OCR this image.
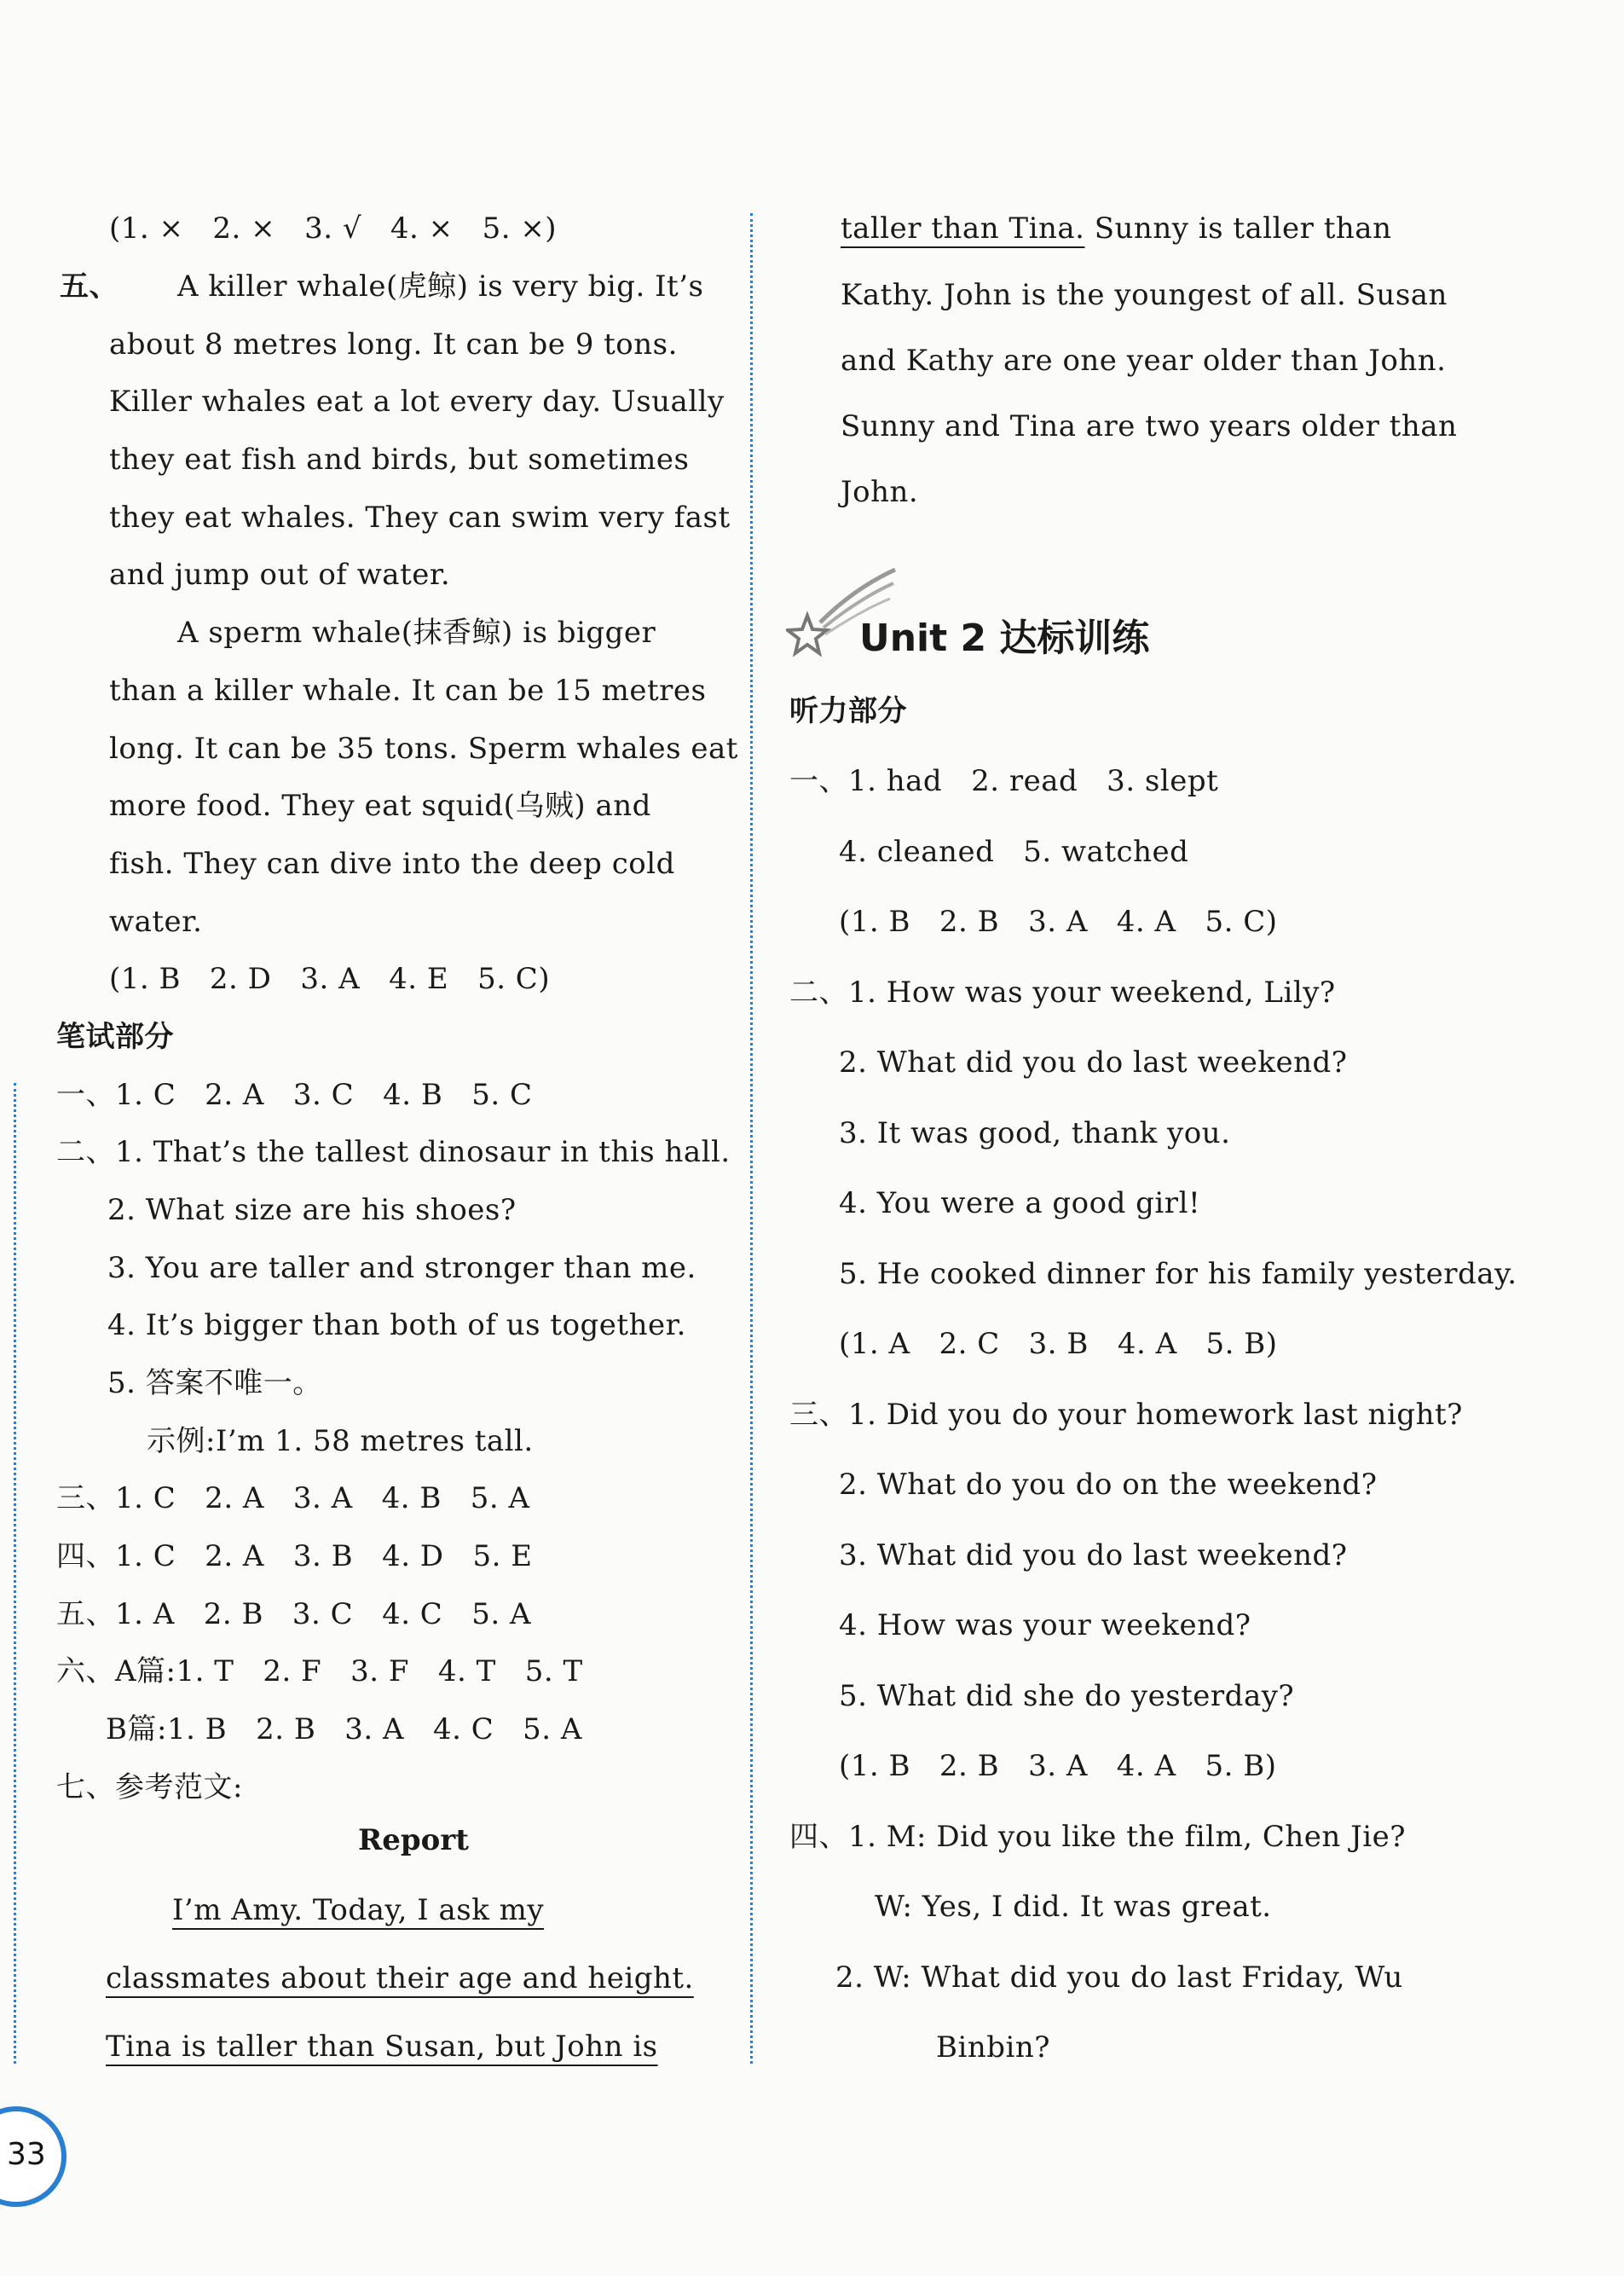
(1. ×   2. ×   3. √   4. ×   5. ×)
五、 A killer whale(虎鲸) is very big. It’s
about 8 metres long. It can be 9 tons.
Killer whales eat a lot every day. Usually
they eat fish and birds, but sometimes
they eat whales. They can swim very fast
and jump out of water.
A sperm whale(抹香鲸) is bigger
than a killer whale. It can be 15 metres
long. It can be 35 tons. Sperm whales eat
more food. They eat squid(乌贼) and
fish. They can dive into the deep cold
water.
(1. B   2. D   3. A   4. E   5. C)
笔试部分
一、1. C   2. A   3. C   4. B   5. C
二、1. That’s the tallest dinosaur in this hall.
2. What size are his shoes?
3. You are taller and stronger than me.
4. It’s bigger than both of us together.
5. 答案不唯一。
示例:I’m 1. 58 metres tall.
三、1. C   2. A   3. A   4. B   5. A
四、1. C   2. A   3. B   4. D   5. E
五、1. A   2. B   3. C   4. C   5. A
六、A篇:1. T   2. F   3. F   4. T   5. T
B篇:1. B   2. B   3. A   4. C   5. A
七、参考范文:
Report
I’m Amy. Today, I ask my
classmates about their age and height.
Tina is taller than Susan, but John is
taller than Tina. Sunny is taller than
Kathy. John is the youngest of all. Susan
and Kathy are one year older than John.
Sunny and Tina are two years older than
John.
Unit 2 达标训练
听力部分
一、1. had   2. read   3. slept
4. cleaned   5. watched
(1. B   2. B   3. A   4. A   5. C)
二、1. How was your weekend, Lily?
2. What did you do last weekend?
3. It was good, thank you.
4. You were a good girl!
5. He cooked dinner for his family yesterday.
(1. A   2. C   3. B   4. A   5. B)
三、1. Did you do your homework last night?
2. What do you do on the weekend?
3. What did you do last weekend?
4. How was your weekend?
5. What did she do yesterday?
(1. B   2. B   3. A   4. A   5. B)
四、1. M: Did you like the film, Chen Jie?
W: Yes, I did. It was great.
2. W: What did you do last Friday, Wu
Binbin?
33
